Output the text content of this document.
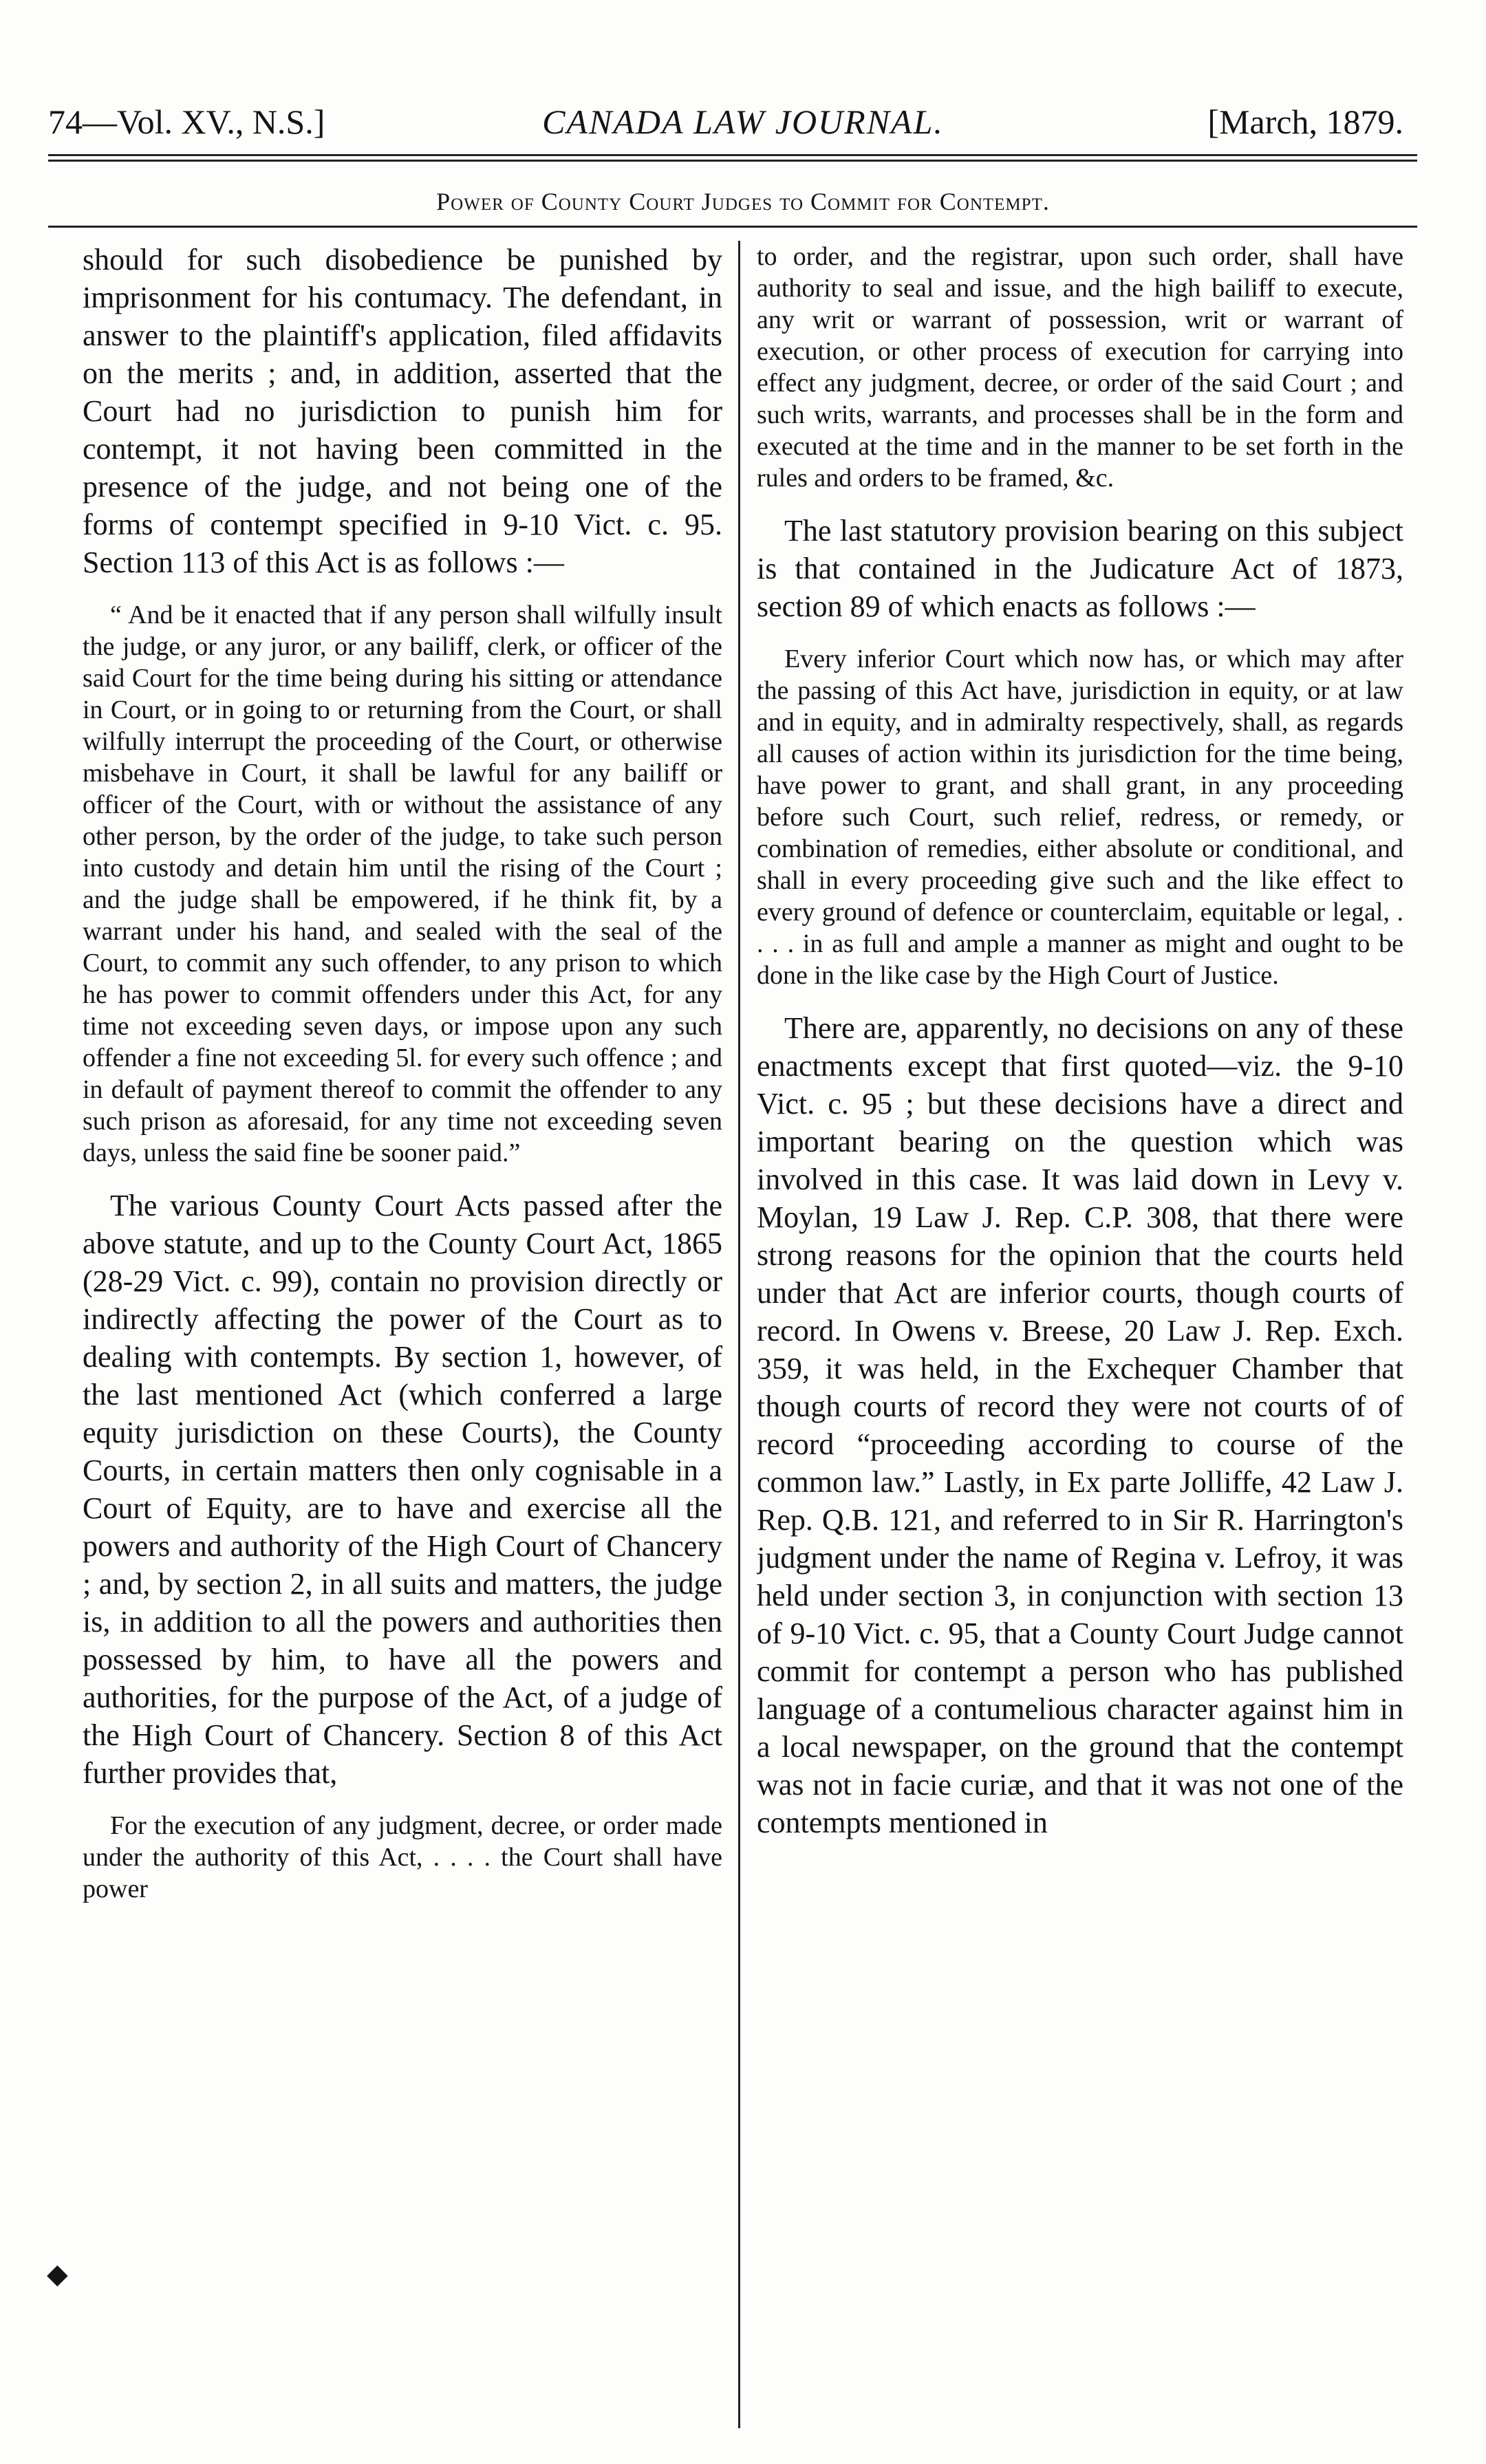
74—Vol. XV., N.S.]	CANADA LAW JOURNAL.	[March, 1879.
Power of County Court Judges to Commit for Contempt.

should for such disobedience be punished by imprisonment for his contumacy. The defendant, in answer to the plaintiff's application, filed affidavits on the merits ; and, in addition, asserted that the Court had no jurisdiction to punish him for contempt, it not having been committed in the presence of the judge, and not being one of the forms of contempt specified in 9-10 Vict. c. 95. Section 113 of this Act is as follows :—

“ And be it enacted that if any person shall wilfully insult the judge, or any juror, or any bailiff, clerk, or officer of the said Court for the time being during his sitting or attendance in Court, or in going to or returning from the Court, or shall wilfully interrupt the proceeding of the Court, or otherwise misbehave in Court, it shall be lawful for any bailiff or officer of the Court, with or without the assistance of any other person, by the order of the judge, to take such person into custody and detain him until the rising of the Court ; and the judge shall be empowered, if he think fit, by a warrant under his hand, and sealed with the seal of the Court, to commit any such offender, to any prison to which he has power to commit offenders under this Act, for any time not exceeding seven days, or impose upon any such offender a fine not exceeding 5l. for every such offence ; and in default of payment thereof to commit the offender to any such prison as aforesaid, for any time not exceeding seven days, unless the said fine be sooner paid.”

The various County Court Acts passed after the above statute, and up to the County Court Act, 1865 (28-29 Vict. c. 99), contain no provision directly or indirectly affecting the power of the Court as to dealing with contempts. By section 1, however, of the last mentioned Act (which conferred a large equity jurisdiction on these Courts), the County Courts, in certain matters then only cognisable in a Court of Equity, are to have and exercise all the powers and authority of the High Court of Chancery ; and, by section 2, in all suits and matters, the judge is, in addition to all the powers and authorities then possessed by him, to have all the powers and authorities, for the purpose of the Act, of a judge of the High Court of Chancery. Section 8 of this Act further provides that,

For the execution of any judgment, decree, or order made under the authority of this Act, . . . . the Court shall have power

to order, and the registrar, upon such order, shall have authority to seal and issue, and the high bailiff to execute, any writ or warrant of possession, writ or warrant of execution, or other process of execution for carrying into effect any judgment, decree, or order of the said Court ; and such writs, warrants, and processes shall be in the form and executed at the time and in the manner to be set forth in the rules and orders to be framed, &c.

The last statutory provision bearing on this subject is that contained in the Judicature Act of 1873, section 89 of which enacts as follows :—

Every inferior Court which now has, or which may after the passing of this Act have, jurisdiction in equity, or at law and in equity, and in admiralty respectively, shall, as regards all causes of action within its jurisdiction for the time being, have power to grant, and shall grant, in any proceeding before such Court, such relief, redress, or remedy, or combination of remedies, either absolute or conditional, and shall in every proceeding give such and the like effect to every ground of defence or counterclaim, equitable or legal, . . . . in as full and ample a manner as might and ought to be done in the like case by the High Court of Justice.

There are, apparently, no decisions on any of these enactments except that first quoted—viz. the 9-10 Vict. c. 95 ; but these decisions have a direct and important bearing on the question which was involved in this case. It was laid down in Levy v. Moylan, 19 Law J. Rep. C.P. 308, that there were strong reasons for the opinion that the courts held under that Act are inferior courts, though courts of record. In Owens v. Breese, 20 Law J. Rep. Exch. 359, it was held, in the Exchequer Chamber that though courts of record they were not courts of of record “proceeding according to course of the common law.” Lastly, in Ex parte Jolliffe, 42 Law J. Rep. Q.B. 121, and referred to in Sir R. Harrington's judgment under the name of Regina v. Lefroy, it was held under section 3, in conjunction with section 13 of 9-10 Vict. c. 95, that a County Court Judge cannot commit for contempt a person who has published language of a contumelious character against him in a local newspaper, on the ground that the contempt was not in facie curiæ, and that it was not one of the contempts mentioned in

◆
